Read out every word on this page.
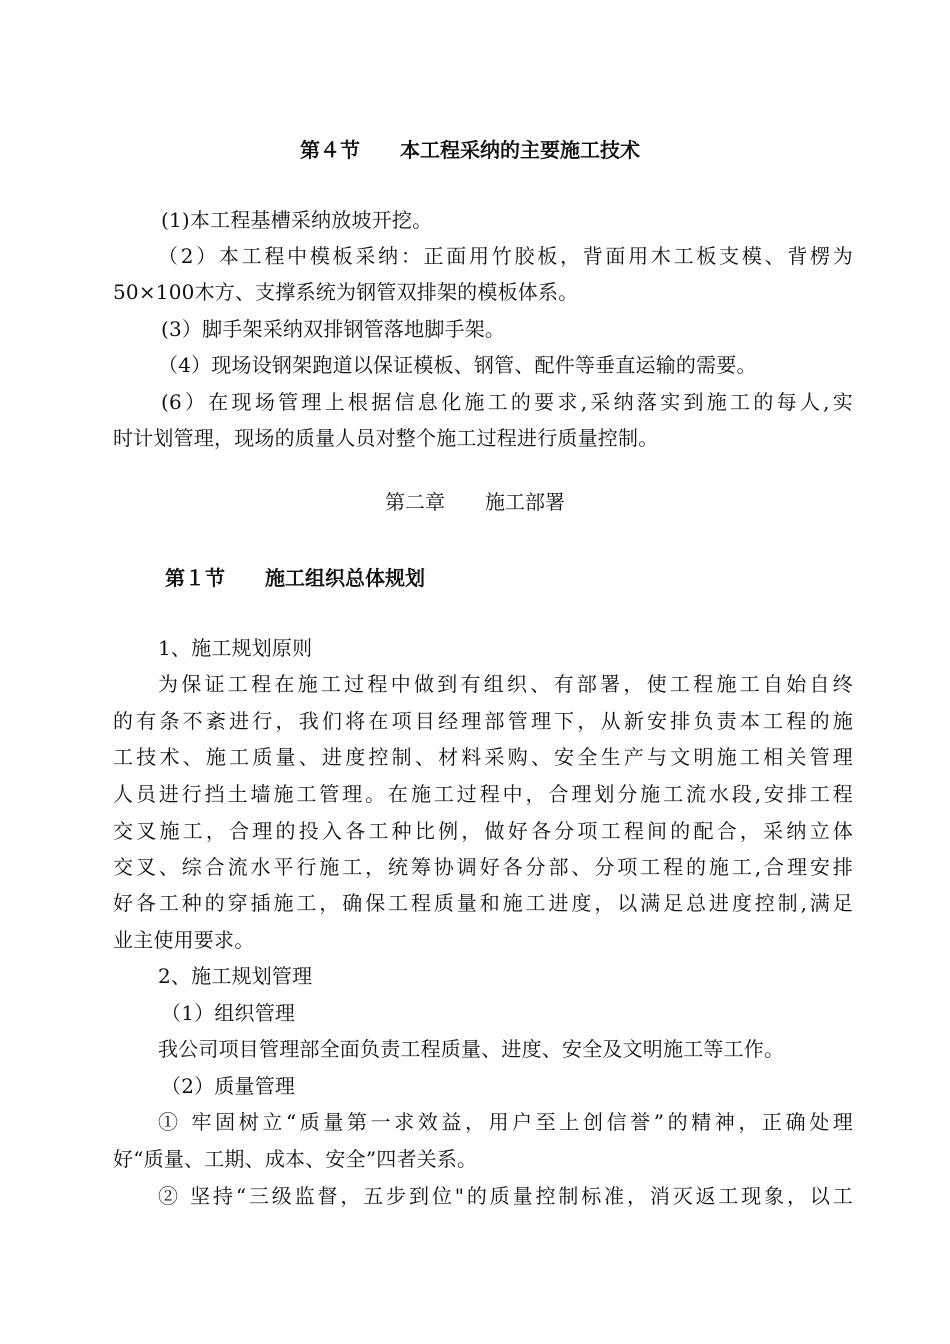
第４节　　本工程采纳的主要施工技术
(1)本工程基槽采纳放坡开挖。
（2）本工程中模板采纳：正面用竹胶板，背面用木工板支模、背楞为
50×100木方、支撑系统为钢管双排架的模板体系。
(3）脚手架采纳双排钢管落地脚手架。
（4）现场设钢架跑道以保证模板、钢管、配件等垂直运输的需要。
(6）在现场管理上根据信息化施工的要求,采纳落实到施工的每人,实
时计划管理，现场的质量人员对整个施工过程进行质量控制。
第二章　　施工部署
第１节　　施工组织总体规划
1、施工规划原则
为保证工程在施工过程中做到有组织、有部署，使工程施工自始自终
的有条不紊进行，我们将在项目经理部管理下，从新安排负责本工程的施
工技术、施工质量、进度控制、材料采购、安全生产与文明施工相关管理
人员进行挡土墙施工管理。在施工过程中，合理划分施工流水段,安排工程
交叉施工，合理的投入各工种比例，做好各分项工程间的配合，采纳立体
交叉、综合流水平行施工，统筹协调好各分部、分项工程的施工,合理安排
好各工种的穿插施工，确保工程质量和施工进度，以满足总进度控制,满足
业主使用要求。
2、施工规划管理
（1）组织管理
我公司项目管理部全面负责工程质量、进度、安全及文明施工等工作。
（2）质量管理
① 牢固树立“质量第一求效益，用户至上创信誉”的精神，正确处理
好“质量、工期、成本、安全”四者关系。
② 坚持“三级监督，五步到位"的质量控制标准，消灭返工现象，以工
